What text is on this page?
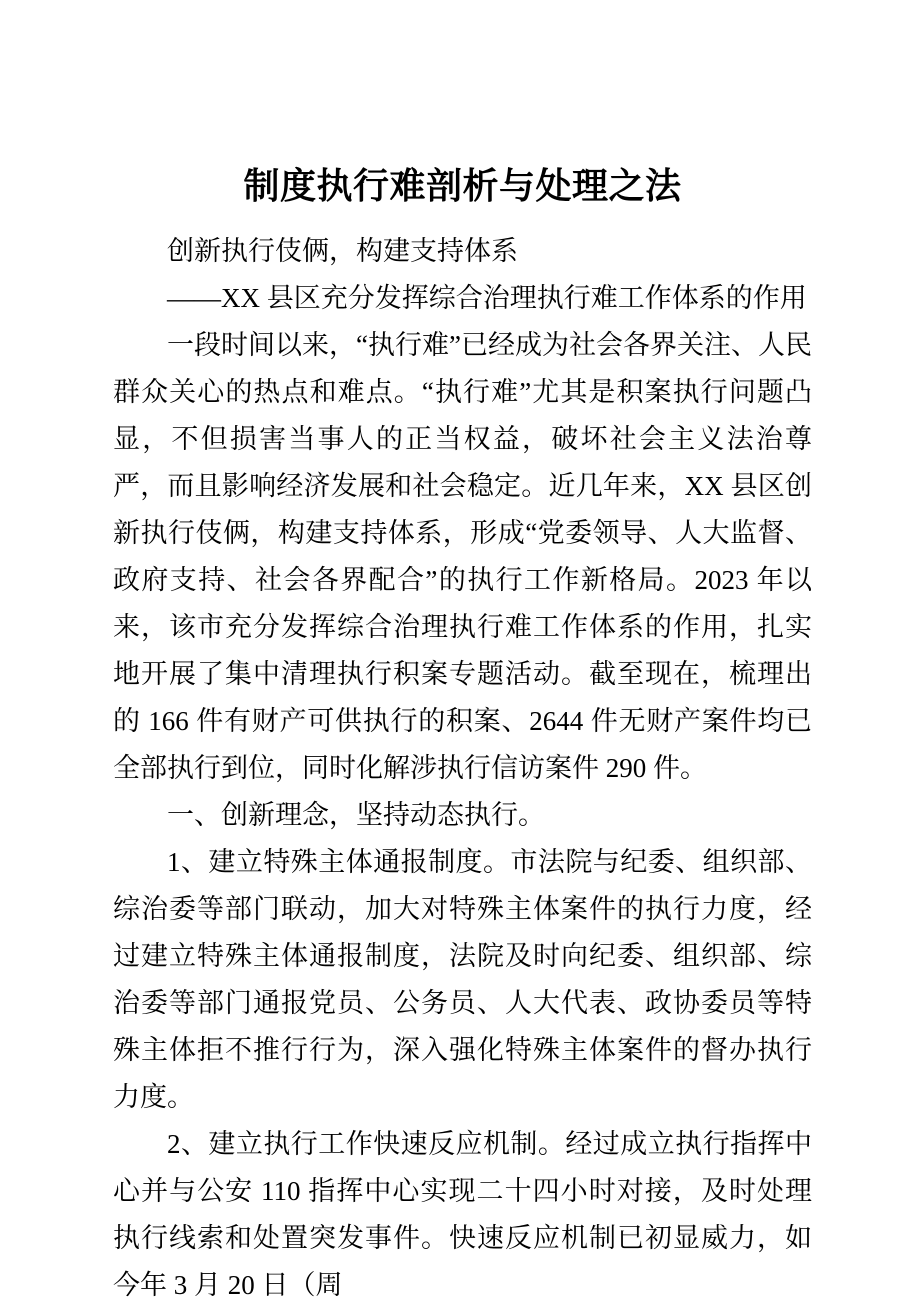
制度执行难剖析与处理之法

创新执行伎俩，构建支持体系

——XX 县区充分发挥综合治理执行难工作体系的作用

一段时间以来，“执行难”已经成为社会各界关注、人民群众关心的热点和难点。“执行难”尤其是积案执行问题凸显，不但损害当事人的正当权益，破坏社会主义法治尊严，而且影响经济发展和社会稳定。近几年来，XX 县区创新执行伎俩，构建支持体系，形成“党委领导、人大监督、政府支持、社会各界配合”的执行工作新格局。2023 年以来，该市充分发挥综合治理执行难工作体系的作用，扎实地开展了集中清理执行积案专题活动。截至现在，梳理出的 166 件有财产可供执行的积案、2644 件无财产案件均已全部执行到位，同时化解涉执行信访案件 290 件。

一、创新理念，坚持动态执行。

1、建立特殊主体通报制度。市法院与纪委、组织部、综治委等部门联动，加大对特殊主体案件的执行力度，经过建立特殊主体通报制度，法院及时向纪委、组织部、综治委等部门通报党员、公务员、人大代表、政协委员等特殊主体拒不推行行为，深入强化特殊主体案件的督办执行力度。

2、建立执行工作快速反应机制。经过成立执行指挥中心并与公安 110 指挥中心实现二十四小时对接，及时处理执行线索和处置突发事件。快速反应机制已初显威力，如今年 3 月 20 日（周
